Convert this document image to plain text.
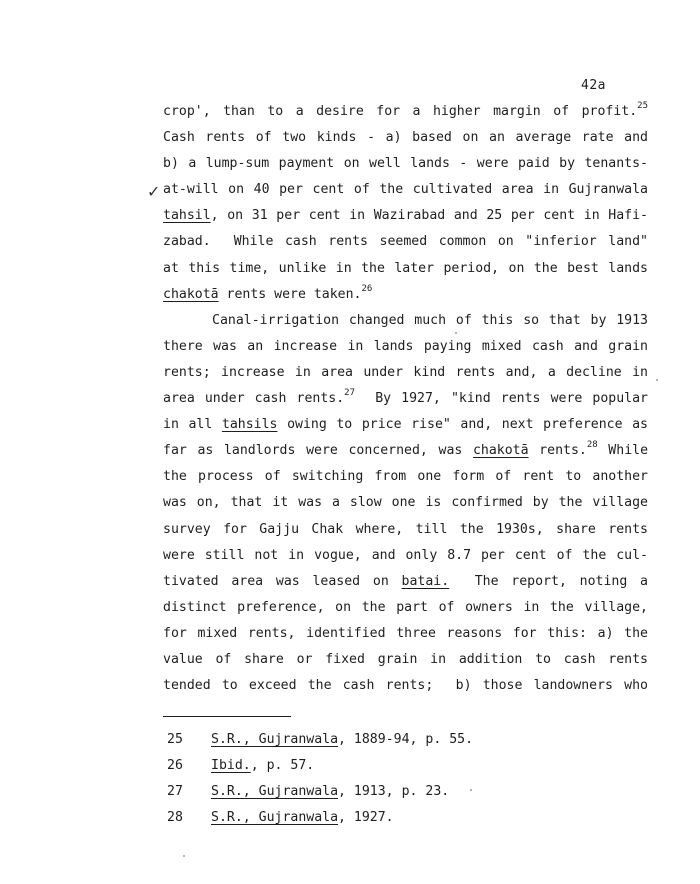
42a
✓
crop', than to a desire for a higher margin of profit.$^{25}$
Cash rents of two kinds - a) based on an average rate and
b) a lump-sum payment on well lands - were paid by tenants-
at-will on 40 per cent of the cultivated area in Gujranwala
tahsil, on 31 per cent in Wazirabad and 25 per cent in Hafi-
zabad.  While cash rents seemed common on "inferior land"
at this time, unlike in the later period, on the best lands
chakotā rents were taken.$^{26}$
Canal-irrigation changed much of this so that by 1913
there was an increase in lands paying mixed cash and grain
rents; increase in area under kind rents and, a decline in
area under cash rents.$^{27}$  By 1927, "kind rents were popular
in all tahsils owing to price rise" and, next preference as
far as landlords were concerned, was chakotā rents.$^{28}$ While
the process of switching from one form of rent to another
was on, that it was a slow one is confirmed by the village
survey for Gajju Chak where, till the 1930s, share rents
were still not in vogue, and only 8.7 per cent of the cul-
tivated area was leased on batai.  The report, noting a
distinct preference, on the part of owners in the village,
for mixed rents, identified three reasons for this: a) the
value of share or fixed grain in addition to cash rents
tended to exceed the cash rents;  b) those landowners who
25 S.R., Gujranwala, 1889-94, p. 55.
26 Ibid., p. 57.
27 S.R., Gujranwala, 1913, p. 23.
28 S.R., Gujranwala, 1927.
